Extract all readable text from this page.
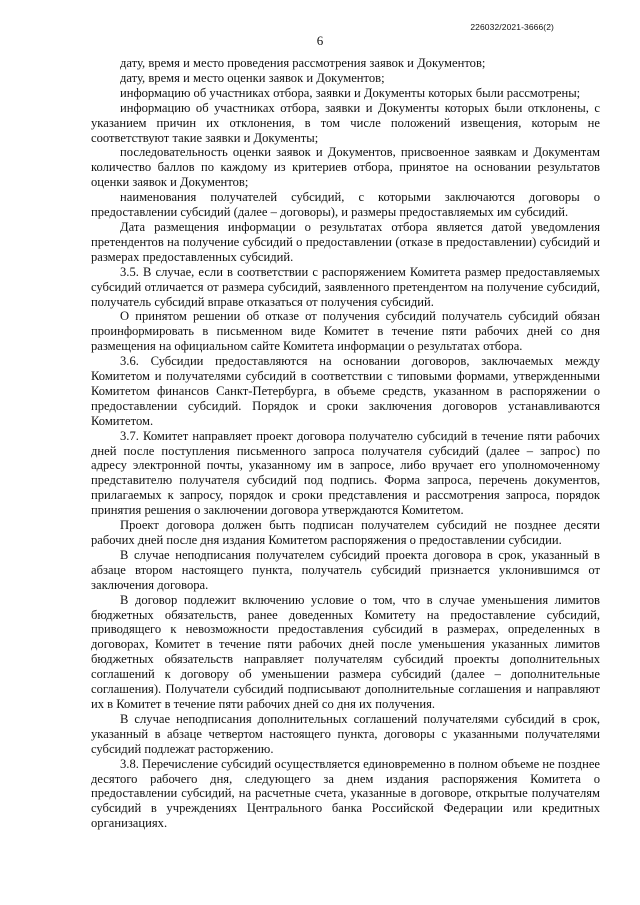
226032/2021-3666(2)
6

дату, время и место проведения рассмотрения заявок и Документов;

дату, время и место оценки заявок и Документов;

информацию об участниках отбора, заявки и Документы которых были рассмотрены;

информацию об участниках отбора, заявки и Документы которых были отклонены, с указанием причин их отклонения, в том числе положений извещения, которым не соответствуют такие заявки и Документы;

последовательность оценки заявок и Документов, присвоенное заявкам и Документам количество баллов по каждому из критериев отбора, принятое на основании результатов оценки заявок и Документов;

наименования получателей субсидий, с которыми заключаются договоры о предоставлении субсидий (далее – договоры), и размеры предоставляемых им субсидий.

Дата размещения информации о результатах отбора является датой уведомления претендентов на получение субсидий о предоставлении (отказе в предоставлении) субсидий и размерах предоставленных субсидий.

3.5. В случае, если в соответствии с распоряжением Комитета размер предоставляемых субсидий отличается от размера субсидий, заявленного претендентом на получение субсидий, получатель субсидий вправе отказаться от получения субсидий.

О принятом решении об отказе от получения субсидий получатель субсидий обязан проинформировать в письменном виде Комитет в течение пяти рабочих дней со дня размещения на официальном сайте Комитета информации о результатах отбора.

3.6. Субсидии предоставляются на основании договоров, заключаемых между Комитетом и получателями субсидий в соответствии с типовыми формами, утвержденными Комитетом финансов Санкт-Петербурга, в объеме средств, указанном в распоряжении о предоставлении субсидий. Порядок и сроки заключения договоров устанавливаются Комитетом.

3.7. Комитет направляет проект договора получателю субсидий в течение пяти рабочих дней после поступления письменного запроса получателя субсидий (далее – запрос) по адресу электронной почты, указанному им в запросе, либо вручает его уполномоченному представителю получателя субсидий под подпись. Форма запроса, перечень документов, прилагаемых к запросу, порядок и сроки представления и рассмотрения запроса, порядок принятия решения о заключении договора утверждаются Комитетом.

Проект договора должен быть подписан получателем субсидий не позднее десяти рабочих дней после дня издания Комитетом распоряжения о предоставлении субсидии.

В случае неподписания получателем субсидий проекта договора в срок, указанный в абзаце втором настоящего пункта, получатель субсидий признается уклонившимся от заключения договора.

В договор подлежит включению условие о том, что в случае уменьшения лимитов бюджетных обязательств, ранее доведенных Комитету на предоставление субсидий, приводящего к невозможности предоставления субсидий в размерах, определенных в договорах, Комитет в течение пяти рабочих дней после уменьшения указанных лимитов бюджетных обязательств направляет получателям субсидий проекты дополнительных соглашений к договору об уменьшении размера субсидий (далее – дополнительные соглашения). Получатели субсидий подписывают дополнительные соглашения и направляют их в Комитет в течение пяти рабочих дней со дня их получения.

В случае неподписания дополнительных соглашений получателями субсидий в срок, указанный в абзаце четвертом настоящего пункта, договоры с указанными получателями субсидий подлежат расторжению.

3.8. Перечисление субсидий осуществляется единовременно в полном объеме не позднее десятого рабочего дня, следующего за днем издания распоряжения Комитета о предоставлении субсидий, на расчетные счета, указанные в договоре, открытые получателям субсидий в учреждениях Центрального банка Российской Федерации или кредитных организациях.
